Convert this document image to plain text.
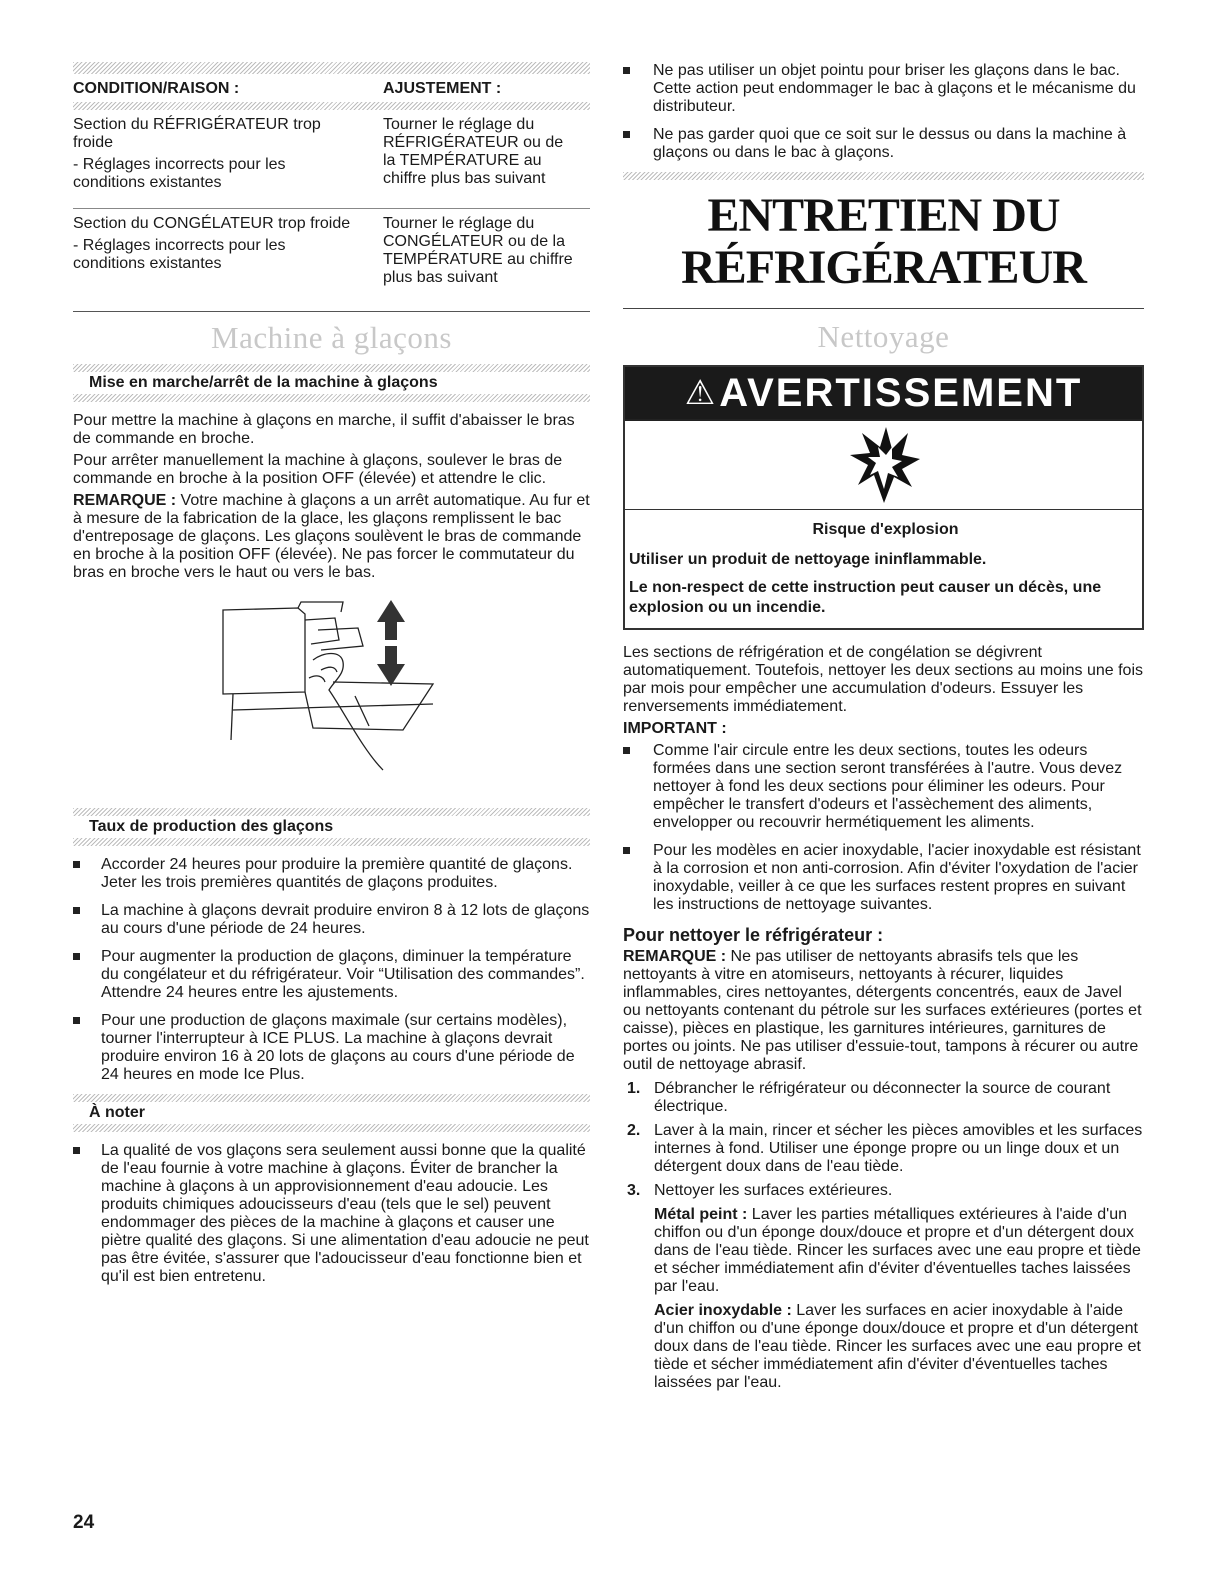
CONDITION/RAISON :	AJUSTEMENT :

Section du RÉFRIGÉRATEUR trop froide

- Réglages incorrects pour les conditions existantes

Tourner le réglage du RÉFRIGÉRATEUR ou de la TEMPÉRATURE au chiffre plus bas suivant

Section du CONGÉLATEUR trop froide

- Réglages incorrects pour les conditions existantes

Tourner le réglage du CONGÉLATEUR ou de la TEMPÉRATURE au chiffre plus bas suivant

Machine à glaçons
Mise en marche/arrêt de la machine à glaçons

Pour mettre la machine à glaçons en marche, il suffit d'abaisser le bras de commande en broche.

Pour arrêter manuellement la machine à glaçons, soulever le bras de commande en broche à la position OFF (élevée) et attendre le clic.

REMARQUE : Votre machine à glaçons a un arrêt automatique. Au fur et à mesure de la fabrication de la glace, les glaçons remplissent le bac d'entreposage de glaçons. Les glaçons soulèvent le bras de commande en broche à la position OFF (élevée). Ne pas forcer le commutateur du bras en broche vers le haut ou vers le bas.

Taux de production des glaçons

Accorder 24 heures pour produire la première quantité de glaçons. Jeter les trois premières quantités de glaçons produites.

La machine à glaçons devrait produire environ 8 à 12 lots de glaçons au cours d'une période de 24 heures.

Pour augmenter la production de glaçons, diminuer la température du congélateur et du réfrigérateur. Voir “Utilisation des commandes”. Attendre 24 heures entre les ajustements.

Pour une production de glaçons maximale (sur certains modèles), tourner l'interrupteur à ICE PLUS. La machine à glaçons devrait produire environ 16 à 20 lots de glaçons au cours d'une période de 24 heures en mode Ice Plus.

À noter

La qualité de vos glaçons sera seulement aussi bonne que la qualité de l'eau fournie à votre machine à glaçons. Éviter de brancher la machine à glaçons à un approvisionnement d'eau adoucie. Les produits chimiques adoucisseurs d'eau (tels que le sel) peuvent endommager des pièces de la machine à glaçons et causer une piètre qualité des glaçons. Si une alimentation d'eau adoucie ne peut pas être évitée, s'assurer que l'adoucisseur d'eau fonctionne bien et qu'il est bien entretenu.

Ne pas utiliser un objet pointu pour briser les glaçons dans le bac. Cette action peut endommager le bac à glaçons et le mécanisme du distributeur.

Ne pas garder quoi que ce soit sur le dessus ou dans la machine à glaçons ou dans le bac à glaçons.

ENTRETIEN DU
RÉFRIGÉRATEUR
Nettoyage
⚠ AVERTISSEMENT

Risque d'explosion

Utiliser un produit de nettoyage ininflammable.

Le non-respect de cette instruction peut causer un décès, une explosion ou un incendie.

Les sections de réfrigération et de congélation se dégivrent automatiquement. Toutefois, nettoyer les deux sections au moins une fois par mois pour empêcher une accumulation d'odeurs. Essuyer les renversements immédiatement.

IMPORTANT :

Comme l'air circule entre les deux sections, toutes les odeurs formées dans une section seront transférées à l'autre. Vous devez nettoyer à fond les deux sections pour éliminer les odeurs. Pour empêcher le transfert d'odeurs et l'assèchement des aliments, envelopper ou recouvrir hermétiquement les aliments.

Pour les modèles en acier inoxydable, l'acier inoxydable est résistant à la corrosion et non anti-corrosion. Afin d'éviter l'oxydation de l'acier inoxydable, veiller à ce que les surfaces restent propres en suivant les instructions de nettoyage suivantes.

Pour nettoyer le réfrigérateur :

REMARQUE : Ne pas utiliser de nettoyants abrasifs tels que les nettoyants à vitre en atomiseurs, nettoyants à récurer, liquides inflammables, cires nettoyantes, détergents concentrés, eaux de Javel ou nettoyants contenant du pétrole sur les surfaces extérieures (portes et caisse), pièces en plastique, les garnitures intérieures, garnitures de portes ou joints. Ne pas utiliser d'essuie-tout, tampons à récurer ou autre outil de nettoyage abrasif.

1. Débrancher le réfrigérateur ou déconnecter la source de courant électrique.

2. Laver à la main, rincer et sécher les pièces amovibles et les surfaces internes à fond. Utiliser une éponge propre ou un linge doux et un détergent doux dans de l'eau tiède.

3. Nettoyer les surfaces extérieures.

Métal peint : Laver les parties métalliques extérieures à l'aide d'un chiffon ou d'un éponge doux/douce et propre et d'un détergent doux dans de l'eau tiède. Rincer les surfaces avec une eau propre et tiède et sécher immédiatement afin d'éviter d'éventuelles taches laissées par l'eau.

Acier inoxydable : Laver les surfaces en acier inoxydable à l'aide d'un chiffon ou d'une éponge doux/douce et propre et d'un détergent doux dans de l'eau tiède. Rincer les surfaces avec une eau propre et tiède et sécher immédiatement afin d'éviter d'éventuelles taches laissées par l'eau.

24
